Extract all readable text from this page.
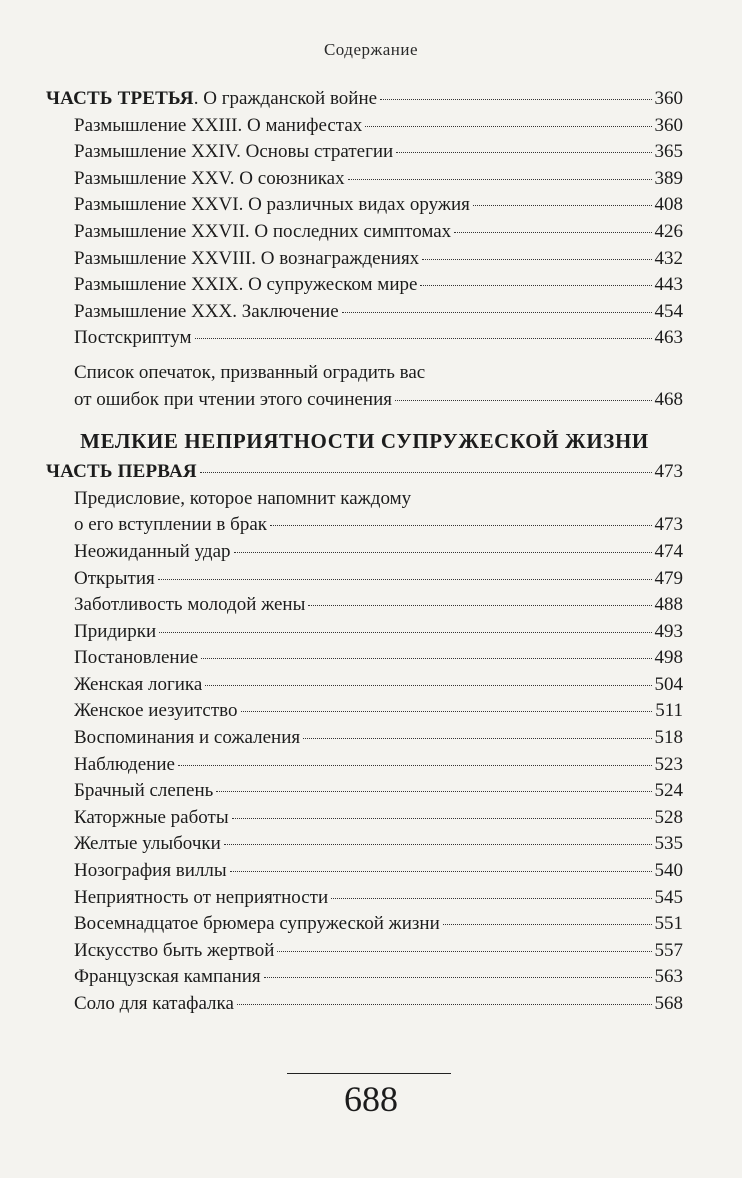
Содержание
ЧАСТЬ ТРЕТЬЯ. О гражданской войне	360
Размышление XXIII. О манифестах	360
Размышление XXIV. Основы стратегии	365
Размышление XXV. О союзниках	389
Размышление XXVI. О различных видах оружия	408
Размышление XXVII. О последних симптомах	426
Размышление XXVIII. О вознаграждениях	432
Размышление XXIX. О супружеском мире	443
Размышление XXX. Заключение	454
Постскриптум	463
Список опечаток, призванный оградить вас
от ошибок при чтении этого сочинения	468
МЕЛКИЕ НЕПРИЯТНОСТИ СУПРУЖЕСКОЙ ЖИЗНИ
ЧАСТЬ ПЕРВАЯ	473
Предисловие, которое напомнит каждому
о его вступлении в брак	473
Неожиданный удар	474
Открытия	479
Заботливость молодой жены	488
Придирки	493
Постановление	498
Женская логика	504
Женское иезуитство	511
Воспоминания и сожаления	518
Наблюдение	523
Брачный слепень	524
Каторжные работы	528
Желтые улыбочки	535
Нозография виллы	540
Неприятность от неприятности	545
Восемнадцатое брюмера супружеской жизни	551
Искусство быть жертвой	557
Французская кампания	563
Соло для катафалка	568
688
